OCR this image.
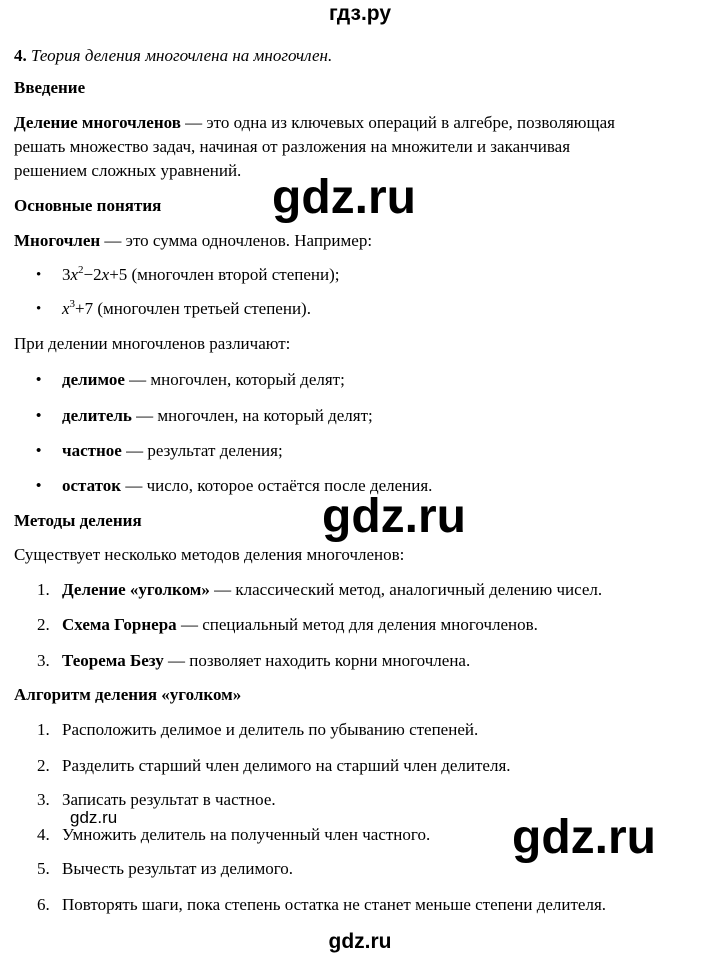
гдз.ру
4. Теория деления многочлена на многочлен.
Введение
Деление многочленов — это одна из ключевых операций в алгебре, позволяющая
решать множество задач, начиная от разложения на множители и заканчивая
решением сложных уравнений.
Основные понятия
Многочлен — это сумма одночленов. Например:
• $3x^2-2x+5$ (многочлен второй степени);
• $x^3+7$ (многочлен третьей степени).
При делении многочленов различают:
• делимое — многочлен, который делят;
• делитель — многочлен, на который делят;
• частное — результат деления;
• остаток — число, которое остаётся после деления.
Методы деления
Существует несколько методов деления многочленов:
1. Деление «уголком» — классический метод, аналогичный делению чисел.
2. Схема Горнера — специальный метод для деления многочленов.
3. Теорема Безу — позволяет находить корни многочлена.
Алгоритм деления «уголком»
1. Расположить делимое и делитель по убыванию степеней.
2. Разделить старший член делимого на старший член делителя.
3. Записать результат в частное.
4. Умножить делитель на полученный член частного.
5. Вычесть результат из делимого.
6. Повторять шаги, пока степень остатка не станет меньше степени делителя.
gdz.ru
gdz.ru
gdz.ru
gdz.ru
gdz.ru
